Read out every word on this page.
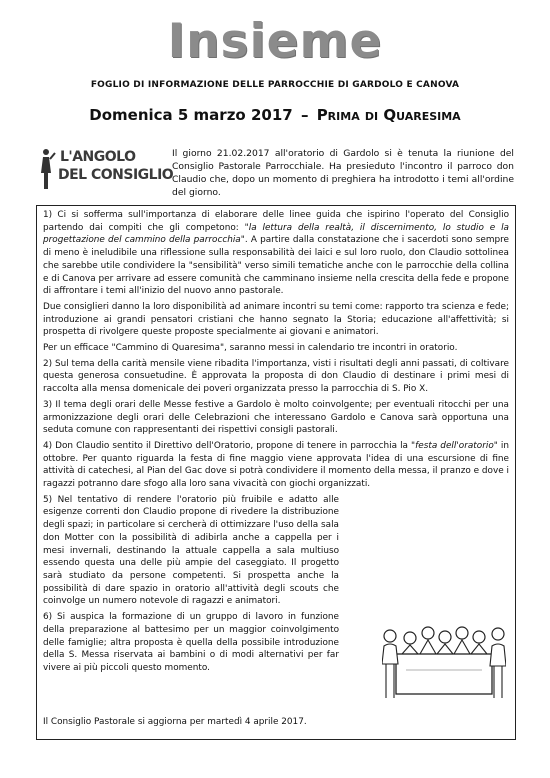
Insieme
FOGLIO DI INFORMAZIONE DELLE PARROCCHIE DI GARDOLO E CANOVA
Domenica 5 marzo 2017 – Prima di Quaresima
L'ANGOLO
DEL CONSIGLIO
Il giorno 21.02.2017 all'oratorio di Gardolo si è tenuta la riunione del Consiglio Pastorale Parrocchiale. Ha presieduto l'incontro il parroco don Claudio che, dopo un momento di preghiera ha introdotto i temi all'ordine del giorno.

1) Ci si sofferma sull'importanza di elaborare delle linee guida che ispirino l'operato del Consiglio partendo dai compiti che gli competono: "la lettura della realtà, il discernimento, lo studio e la progettazione del cammino della parrocchia". A partire dalla constatazione che i sacerdoti sono sempre di meno è ineludibile una riflessione sulla responsabilità dei laici e sul loro ruolo, don Claudio sottolinea che sarebbe utile condividere la "sensibilità" verso simili tematiche anche con le parrocchie della collina e di Canova per arrivare ad essere comunità che camminano insieme nella crescita della fede e propone di affrontare i temi all'inizio del nuovo anno pastorale.

Due consiglieri danno la loro disponibilità ad animare incontri su temi come: rapporto tra scienza e fede; introduzione ai grandi pensatori cristiani che hanno segnato la Storia; educazione all'affettività; si prospetta di rivolgere queste proposte specialmente ai giovani e animatori.

Per un efficace "Cammino di Quaresima", saranno messi in calendario tre incontri in oratorio.

2) Sul tema della carità mensile viene ribadita l'importanza, visti i risultati degli anni passati, di coltivare questa generosa consuetudine. È approvata la proposta di don Claudio di destinare i primi mesi di raccolta alla mensa domenicale dei poveri organizzata presso la parrocchia di S. Pio X.

3) Il tema degli orari delle Messe festive a Gardolo è molto coinvolgente; per eventuali ritocchi per una armonizzazione degli orari delle Celebrazioni che interessano Gardolo e Canova sarà opportuna una seduta comune con rappresentanti dei rispettivi consigli pastorali.

4) Don Claudio sentito il Direttivo dell'Oratorio, propone di tenere in parrocchia la "festa dell'oratorio" in ottobre. Per quanto riguarda la festa di fine maggio viene approvata l'idea di una escursione di fine attività di catechesi, al Pian del Gac dove si potrà condividere il momento della messa, il pranzo e dove i ragazzi potranno dare sfogo alla loro sana vivacità con giochi organizzati.

5) Nel tentativo di rendere l'oratorio più fruibile e adatto alle esigenze correnti don Claudio propone di rivedere la distribuzione degli spazi; in particolare si cercherà di ottimizzare l'uso della sala don Motter con la possibilità di adibirla anche a cappella per i mesi invernali, destinando la attuale cappella a sala multiuso essendo questa una delle più ampie del caseggiato. Il progetto sarà studiato da persone competenti. Si prospetta anche la possibilità di dare spazio in oratorio all'attività degli scouts che coinvolge un numero notevole di ragazzi e animatori.

6) Si auspica la formazione di un gruppo di lavoro in funzione della preparazione al battesimo per un maggior coinvolgimento delle famiglie; altra proposta è quella della possibile introduzione della S. Messa riservata ai bambini o di modi alternativi per far vivere ai più piccoli questo momento.

Il Consiglio Pastorale si aggiorna per martedì 4 aprile 2017.
